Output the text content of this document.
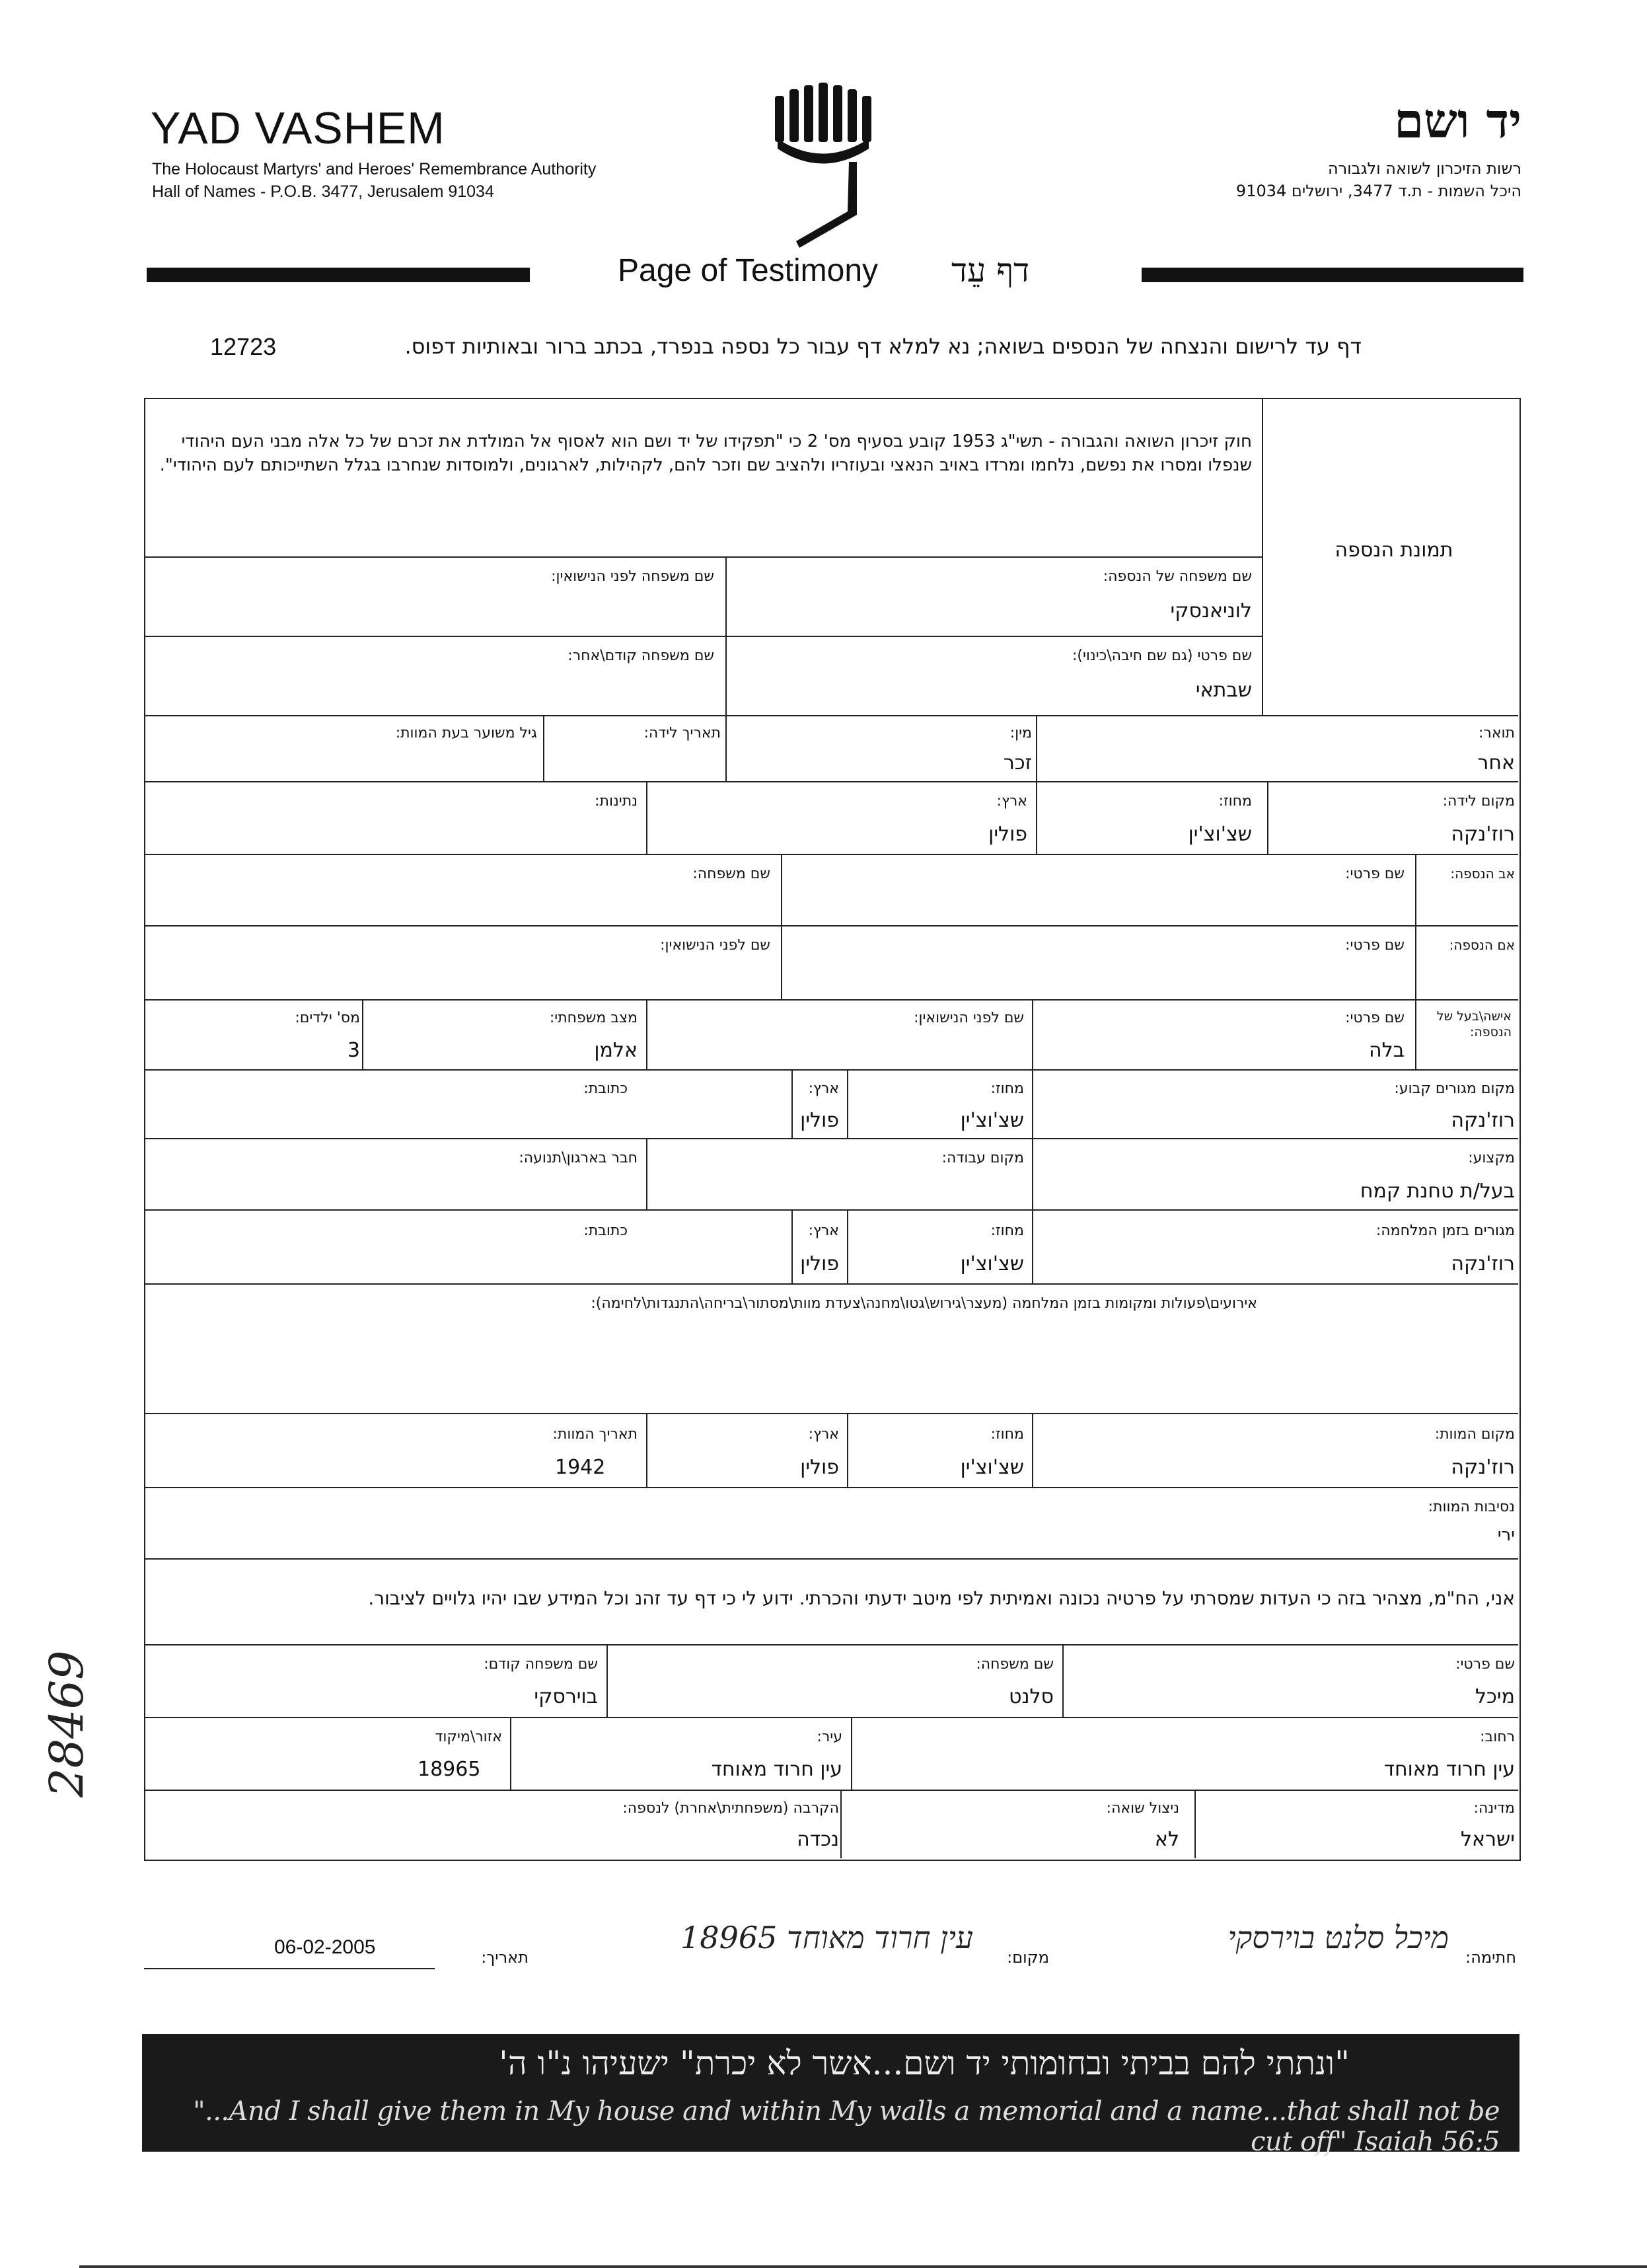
YAD VASHEM
The Holocaust Martyrs' and Heroes' Remembrance Authority
Hall of Names - P.O.B. 3477, Jerusalem 91034
יד ושם
רשות הזיכרון לשואה ולגבורה
היכל השמות - ת.ד 3477, ירושלים 91034
Page of Testimony דף עֵד
דף עד לרישום והנצחה של הנספים בשואה; נא למלא דף עבור כל נספה בנפרד, בכתב ברור ובאותיות דפוס.
12723
חוק זיכרון השואה והגבורה - תשי"ג 1953 קובע בסעיף מס' 2 כי "תפקידו של יד ושם הוא לאסוף אל המולדת את זכרם של כל אלה מבני העם היהודי שנפלו ומסרו את נפשם, נלחמו ומרדו באויב הנאצי ובעוזריו ולהציב שם וזכר להם, לקהילות, לארגונים, ולמוסדות שנחרבו בגלל השתייכותם לעם היהודי".
תמונת הנספה
שם משפחה של הנספה:
לוניאנסקי
שם משפחה לפני הנישואין:
שם פרטי (גם שם חיבה\כינוי):
שבתאי
שם משפחה קודם\אחר:
תואר:
אחר
מין:
זכר
תאריך לידה:
גיל משוער בעת המוות:
מקום לידה:
רוז'נקה
מחוז:
שצ'וצ'ין
ארץ:
פולין
נתינות:
אב הנספה:
שם פרטי:
שם משפחה:
אם הנספה:
שם פרטי:
שם לפני הנישואין:
אישה\בעל של הנספה:
שם פרטי:
בלה
שם לפני הנישואין:
מצב משפחתי:
אלמן
מס' ילדים:
3
מקום מגורים קבוע:
רוז'נקה
מחוז:
שצ'וצ'ין
ארץ:
פולין
כתובת:
מקצוע:
בעל/ת טחנת קמח
מקום עבודה:
חבר בארגון\תנועה:
מגורים בזמן המלחמה:
רוז'נקה
מחוז:
שצ'וצ'ין
ארץ:
פולין
כתובת:
אירועים\פעולות ומקומות בזמן המלחמה (מעצר\גירוש\גטו\מחנה\צעדת מוות\מסתור\בריחה\התנגדות\לחימה):
מקום המוות:
רוז'נקה
מחוז:
שצ'וצ'ין
ארץ:
פולין
תאריך המוות:
1942
נסיבות המוות:
ירי
אני, הח"מ, מצהיר בזה כי העדות שמסרתי על פרטיה נכונה ואמיתית לפי מיטב ידעתי והכרתי. ידוע לי כי דף עד זהנ וכל המידע שבו יהיו גלויים לציבור.
שם פרטי:
מיכל
שם משפחה:
סלנט
שם משפחה קודם:
בוירסקי
רחוב:
עין חרוד מאוחד
עיר:
עין חרוד מאוחד
אזור\מיקוד
18965
מדינה:
ישראל
ניצול שואה:
לא
הקרבה (משפחתית\אחרת) לנספה:
נכדה
28469
חתימה:
מיכל סלנט בוירסקי
מקום:
עין חרוד מאוחד 18965
תאריך:
06-02-2005
"ונתתי להם בביתי ובחומותי יד ושם...אשר לא יכרת" ישעיהו נ"ו ה'
"...And I shall give them in My house and within My walls a memorial and a name...that shall not be cut off" Isaiah 56:5
